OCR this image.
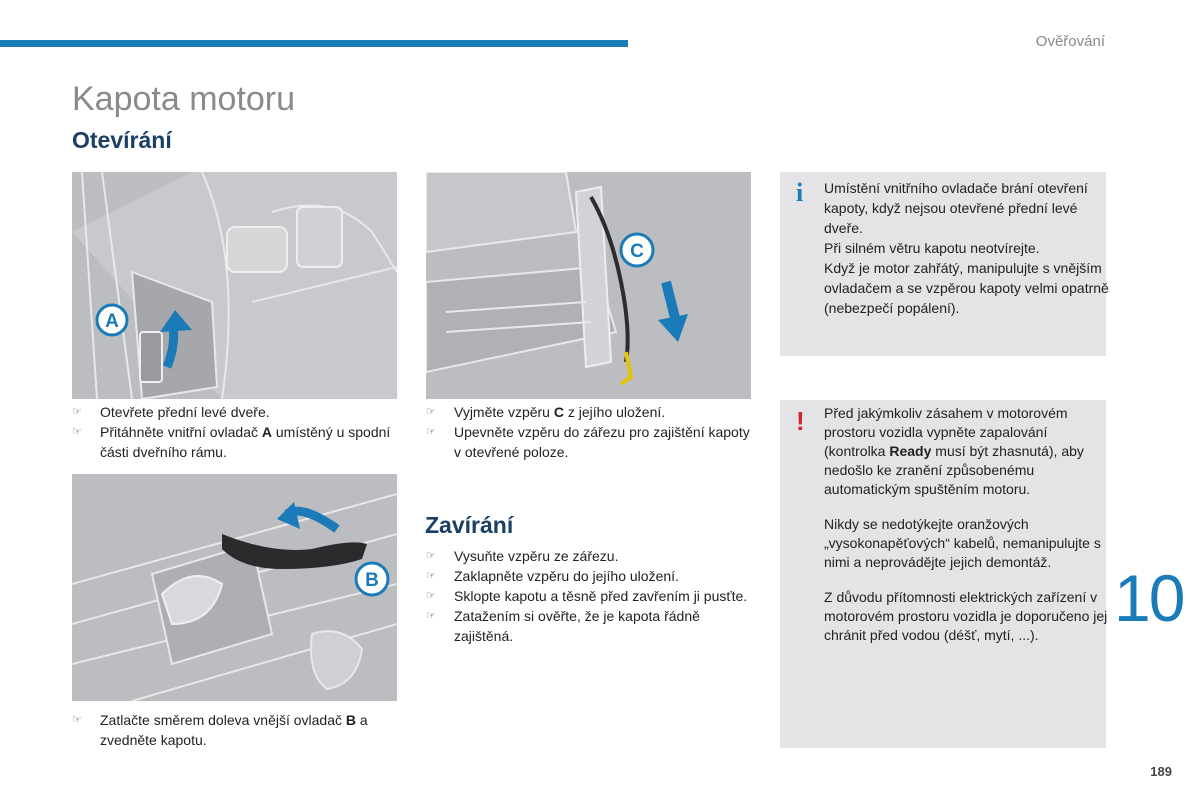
Ověřování
Kapota motoru
Otevírání
A
C
☞ Otevřete přední levé dveře.
☞ Přitáhněte vnitřní ovladač A umístěný u spodní části dveřního rámu.
☞ Vyjměte vzpěru C z jejího uložení.
☞ Upevněte vzpěru do zářezu pro zajištění kapoty v otevřené poloze.
B
☞ Zatlačte směrem doleva vnější ovladač B a zvedněte kapotu.
Zavírání
☞ Vysuňte vzpěru ze zářezu.
☞ Zaklapněte vzpěru do jejího uložení.
☞ Sklopte kapotu a těsně před zavřením ji pusťte.
☞ Zatažením si ověřte, že je kapota řádně zajištěná.
i Umístění vnitřního ovladače brání otevření kapoty, když nejsou otevřené přední levé dveře.
Při silném větru kapotu neotvírejte.
Když je motor zahřátý, manipulujte s vnějším ovladačem a se vzpěrou kapoty velmi opatrně (nebezpečí popálení).
! Před jakýmkoliv zásahem v motorovém prostoru vozidla vypněte zapalování (kontrolka Ready musí být zhasnutá), aby nedošlo ke zranění způsobenému automatickým spuštěním motoru.

Nikdy se nedotýkejte oranžových „vysokonapěťových“ kabelů, nemanipulujte s nimi a neprovádějte jejich demontáž.

Z důvodu přítomnosti elektrických zařízení v motorovém prostoru vozidla je doporučeno jej chránit před vodou (déšť, mytí, ...).	10
189
